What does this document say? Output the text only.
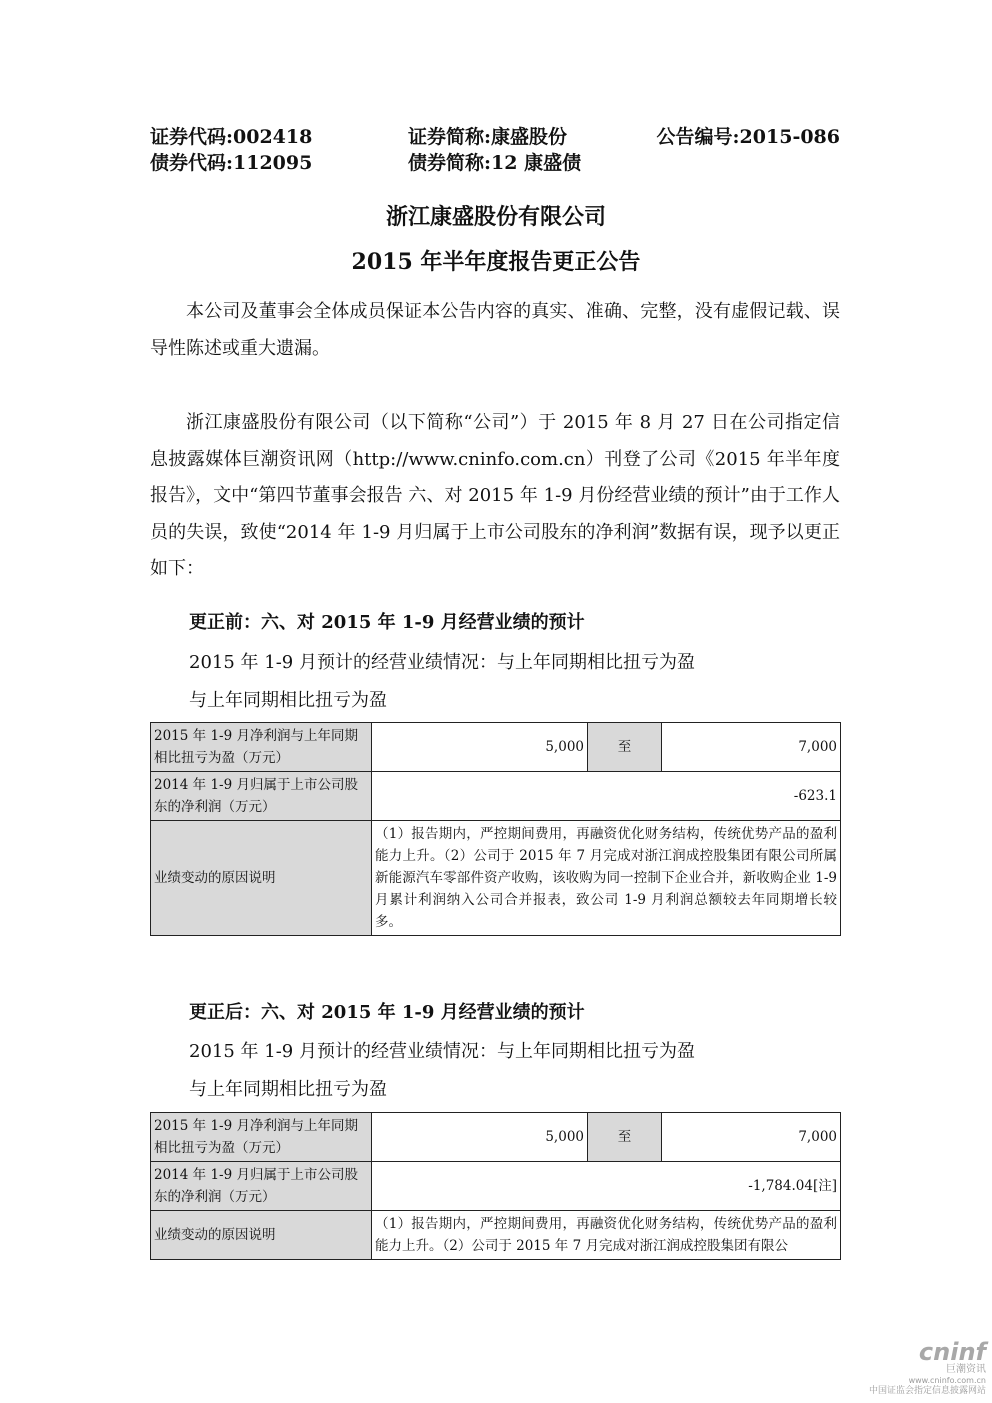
证券代码:002418	证券简称:康盛股份	公告编号:2015-086
债券代码:112095	债券简称:12 康盛债
浙江康盛股份有限公司
2015 年半年度报告更正公告
本公司及董事会全体成员保证本公告内容的真实、准确、完整，没有虚假记载、误导性陈述或重大遗漏。
浙江康盛股份有限公司（以下简称“公司”）于 2015 年 8 月 27 日在公司指定信息披露媒体巨潮资讯网（http://www.cninfo.com.cn）刊登了公司《2015 年半年度报告》，文中“第四节董事会报告 六、对 2015 年 1-9 月份经营业绩的预计”由于工作人员的失误，致使“2014 年 1-9 月归属于上市公司股东的净利润”数据有误，现予以更正如下：
更正前：六、对 2015 年 1-9 月经营业绩的预计
2015 年 1-9 月预计的经营业绩情况：与上年同期相比扭亏为盈
与上年同期相比扭亏为盈
2015 年 1-9 月净利润与上年同期相比扭亏为盈（万元）	5,000	至	7,000
2014 年 1-9 月归属于上市公司股东的净利润（万元）	-623.1		
业绩变动的原因说明	（1）报告期内，严控期间费用，再融资优化财务结构，传统优势产品的盈利能力上升。（2）公司于 2015 年 7 月完成对浙江润成控股集团有限公司所属新能源汽车零部件资产收购，该收购为同一控制下企业合并，新收购企业 1-9 月累计利润纳入公司合并报表，致公司 1-9 月利润总额较去年同期增长较多。		
更正后：六、对 2015 年 1-9 月经营业绩的预计
2015 年 1-9 月预计的经营业绩情况：与上年同期相比扭亏为盈
与上年同期相比扭亏为盈
2015 年 1-9 月净利润与上年同期相比扭亏为盈（万元）	5,000	至	7,000
2014 年 1-9 月归属于上市公司股东的净利润（万元）	-1,784.04[注]		
业绩变动的原因说明	（1）报告期内，严控期间费用，再融资优化财务结构，传统优势产品的盈利能力上升。（2）公司于 2015 年 7 月完成对浙江润成控股集团有限公		
cninf
巨潮资讯
www.cninfo.com.cn
中国证监会指定信息披露网站
